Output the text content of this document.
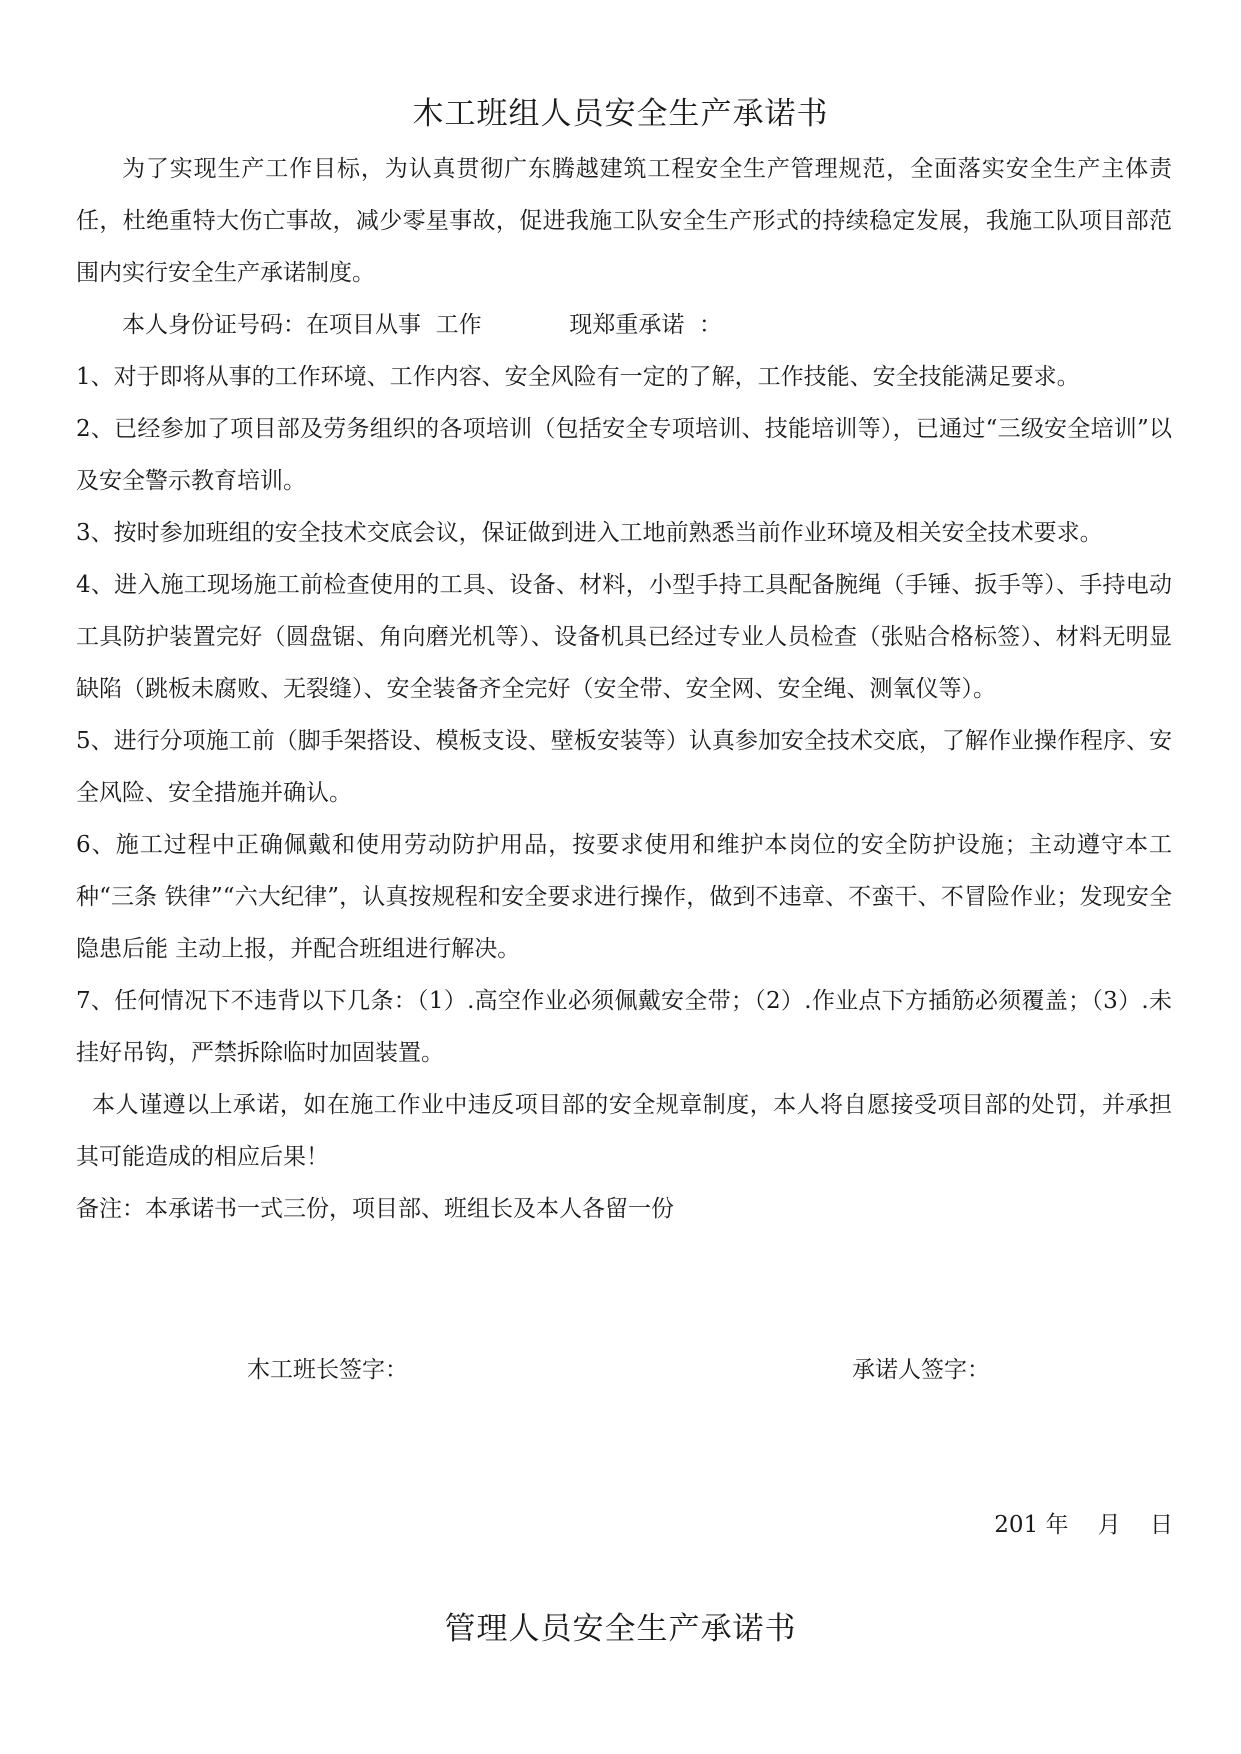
木工班组人员安全生产承诺书

为了实现生产工作目标，为认真贯彻广东腾越建筑工程安全生产管理规范，全面落实安全生产主体责任，杜绝重特大伤亡事故，减少零星事故，促进我施工队安全生产形式的持续稳定发展，我施工队项目部范围内实行安全生产承诺制度。

本人身份证号码：在项目从事  工作            现郑重承诺  ：

1、对于即将从事的工作环境、工作内容、安全风险有一定的了解，工作技能、安全技能满足要求。

2、已经参加了项目部及劳务组织的各项培训（包括安全专项培训、技能培训等），已通过“三级安全培训”以及安全警示教育培训。

3、按时参加班组的安全技术交底会议，保证做到进入工地前熟悉当前作业环境及相关安全技术要求。

4、进入施工现场施工前检查使用的工具、设备、材料，小型手持工具配备腕绳（手锤、扳手等）、手持电动工具防护装置完好（圆盘锯、角向磨光机等）、设备机具已经过专业人员检查（张贴合格标签）、材料无明显缺陷（跳板未腐败、无裂缝）、安全装备齐全完好（安全带、安全网、安全绳、测氧仪等）。

5、进行分项施工前（脚手架搭设、模板支设、壁板安装等）认真参加安全技术交底，了解作业操作程序、安全风险、安全措施并确认。

6、施工过程中正确佩戴和使用劳动防护用品，按要求使用和维护本岗位的安全防护设施；主动遵守本工种“三条 铁律”“六大纪律”，认真按规程和安全要求进行操作，做到不违章、不蛮干、不冒险作业；发现安全隐患后能 主动上报，并配合班组进行解决。

7、任何情况下不违背以下几条：（1）.高空作业必须佩戴安全带；（2）.作业点下方插筋必须覆盖；（3）.未挂好吊钩，严禁拆除临时加固装置。

本人谨遵以上承诺，如在施工作业中违反项目部的安全规章制度，本人将自愿接受项目部的处罚，并承担其可能造成的相应后果！

备注：本承诺书一式三份，项目部、班组长及本人各留一份

木工班长签字：	承诺人签字：
201 年    月    日
管理人员安全生产承诺书
